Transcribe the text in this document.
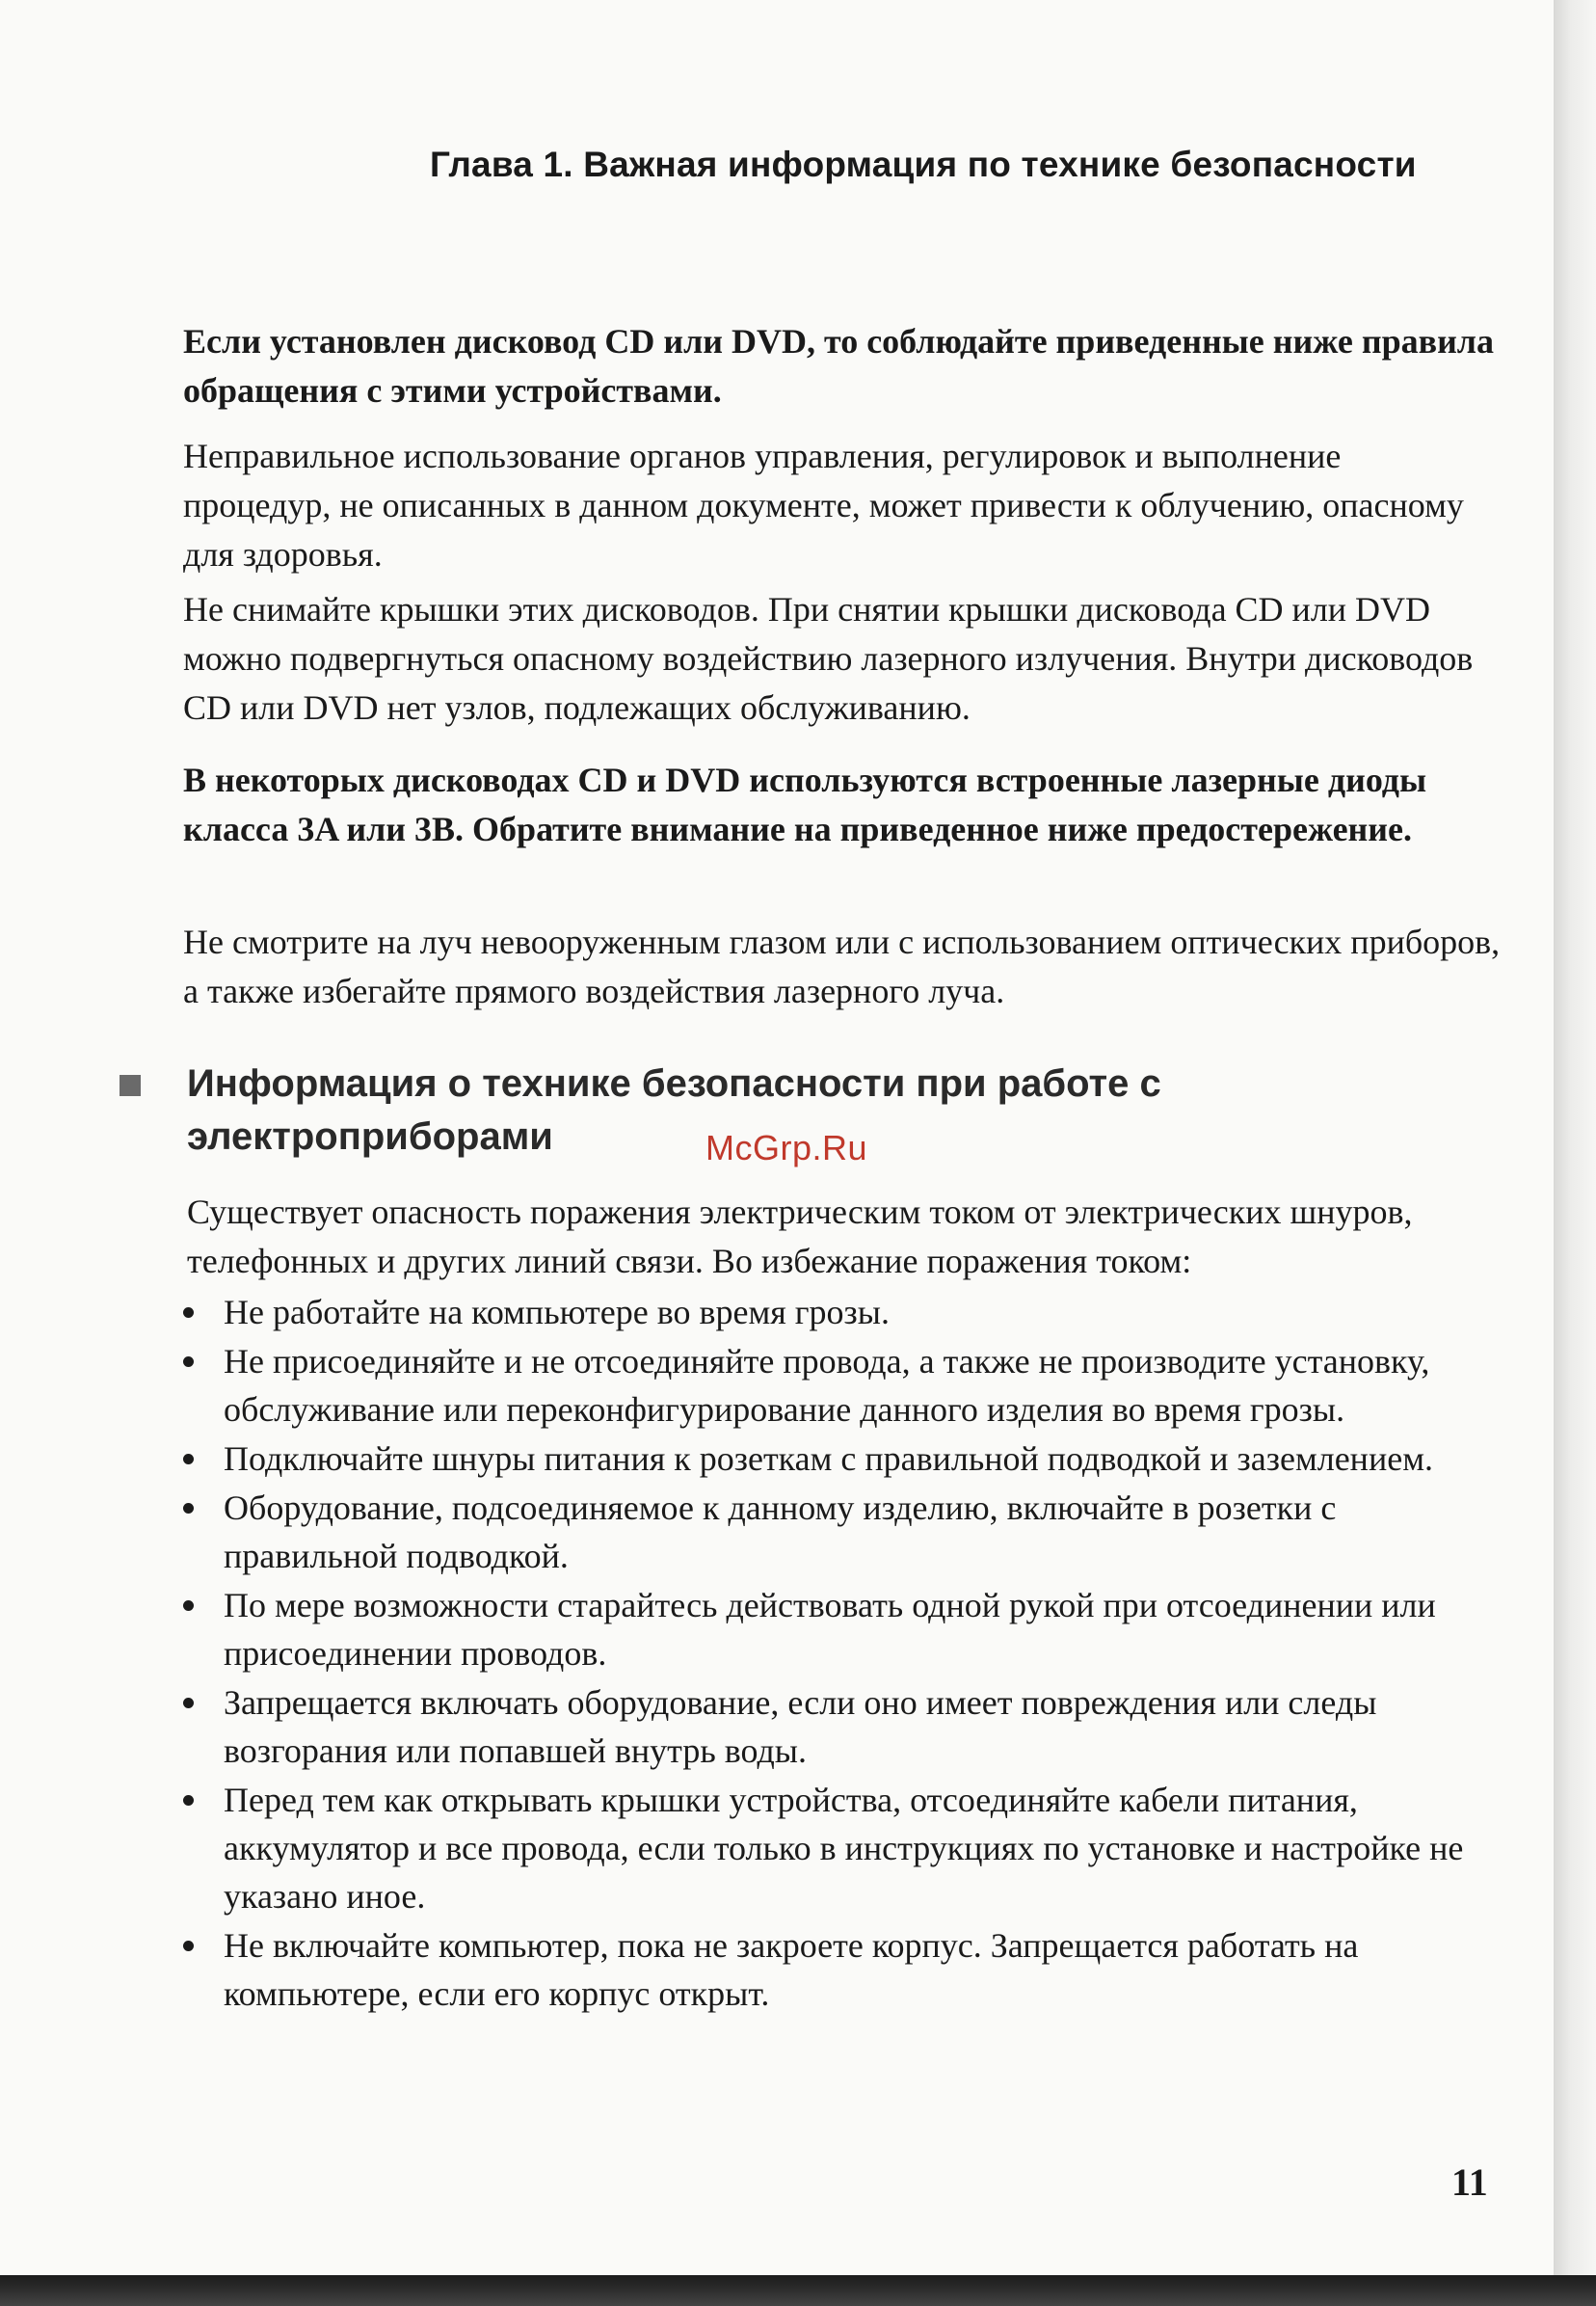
Глава 1. Важная информация по технике безопасности
Если установлен дисковод CD или DVD, то соблюдайте приведенные ниже правила обращения с этими устройствами.
Неправильное использование органов управления, регулировок и выполнение процедур, не описанных в данном документе, может привести к облучению, опасному для здоровья.
Не снимайте крышки этих дисководов. При снятии крышки дисковода CD или DVD можно подвергнуться опасному воздействию лазерного излучения. Внутри дисководов CD или DVD нет узлов, подлежащих обслуживанию.
В некоторых дисководах CD и DVD используются встроенные лазерные диоды класса 3A или 3B. Обратите внимание на приведенное ниже предостережение.
Не смотрите на луч невооруженным глазом или с использованием оптических приборов, а также избегайте прямого воздействия лазерного луча.
Информация о технике безопасности при работе с электроприборами	McGrp.Ru
Существует опасность поражения электрическим током от электрических шнуров, телефонных и других линий связи. Во избежание поражения током:
Не работайте на компьютере во время грозы.
Не присоединяйте и не отсоединяйте провода, а также не производите установку, обслуживание или переконфигурирование данного изделия во время грозы.
Подключайте шнуры питания к розеткам с правильной подводкой и заземлением.
Оборудование, подсоединяемое к данному изделию, включайте в розетки с правильной подводкой.
По мере возможности старайтесь действовать одной рукой при отсоединении или присоединении проводов.
Запрещается включать оборудование, если оно имеет повреждения или следы возгорания или попавшей внутрь воды.
Перед тем как открывать крышки устройства, отсоединяйте кабели питания, аккумулятор и все провода, если только в инструкциях по установке и настройке не указано иное.
Не включайте компьютер, пока не закроете корпус. Запрещается работать на компьютере, если его корпус открыт.
11
